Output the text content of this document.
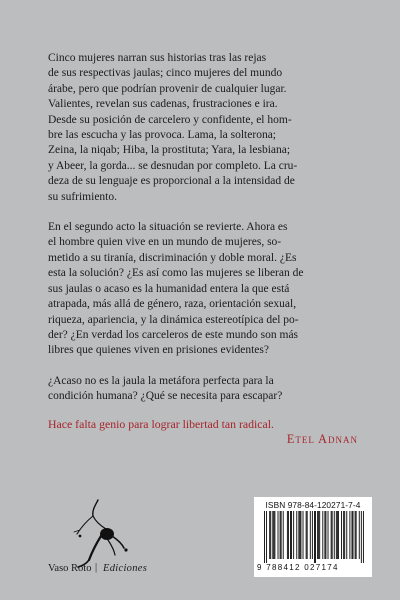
Cinco mujeres narran sus historias tras las rejas
de sus respectivas jaulas; cinco mujeres del mundo
árabe, pero que podrían provenir de cualquier lugar.
Valientes, revelan sus cadenas, frustraciones e ira.
Desde su posición de carcelero y confidente, el hom-
bre las escucha y las provoca. Lama, la solterona;
Zeina, la niqab; Hiba, la prostituta; Yara, la lesbiana;
y Abeer, la gorda... se desnudan por completo. La cru-
deza de su lenguaje es proporcional a la intensidad de
su sufrimiento.

En el segundo acto la situación se revierte. Ahora es
el hombre quien vive en un mundo de mujeres, so-
metido a su tiranía, discriminación y doble moral. ¿Es
esta la solución? ¿Es así como las mujeres se liberan de
sus jaulas o acaso es la humanidad entera la que está
atrapada, más allá de género, raza, orientación sexual,
riqueza, apariencia, y la dinámica estereotípica del po-
der? ¿En verdad los carceleros de este mundo son más
libres que quienes viven en prisiones evidentes?

¿Acaso no es la jaula la metáfora perfecta para la
condición humana? ¿Qué se necesita para escapar?

Hace falta genio para lograr libertad tan radical.
Etel Adnan
Vaso Roto | Ediciones
ISBN 978-84-120271-7-4
9 788412 027174
